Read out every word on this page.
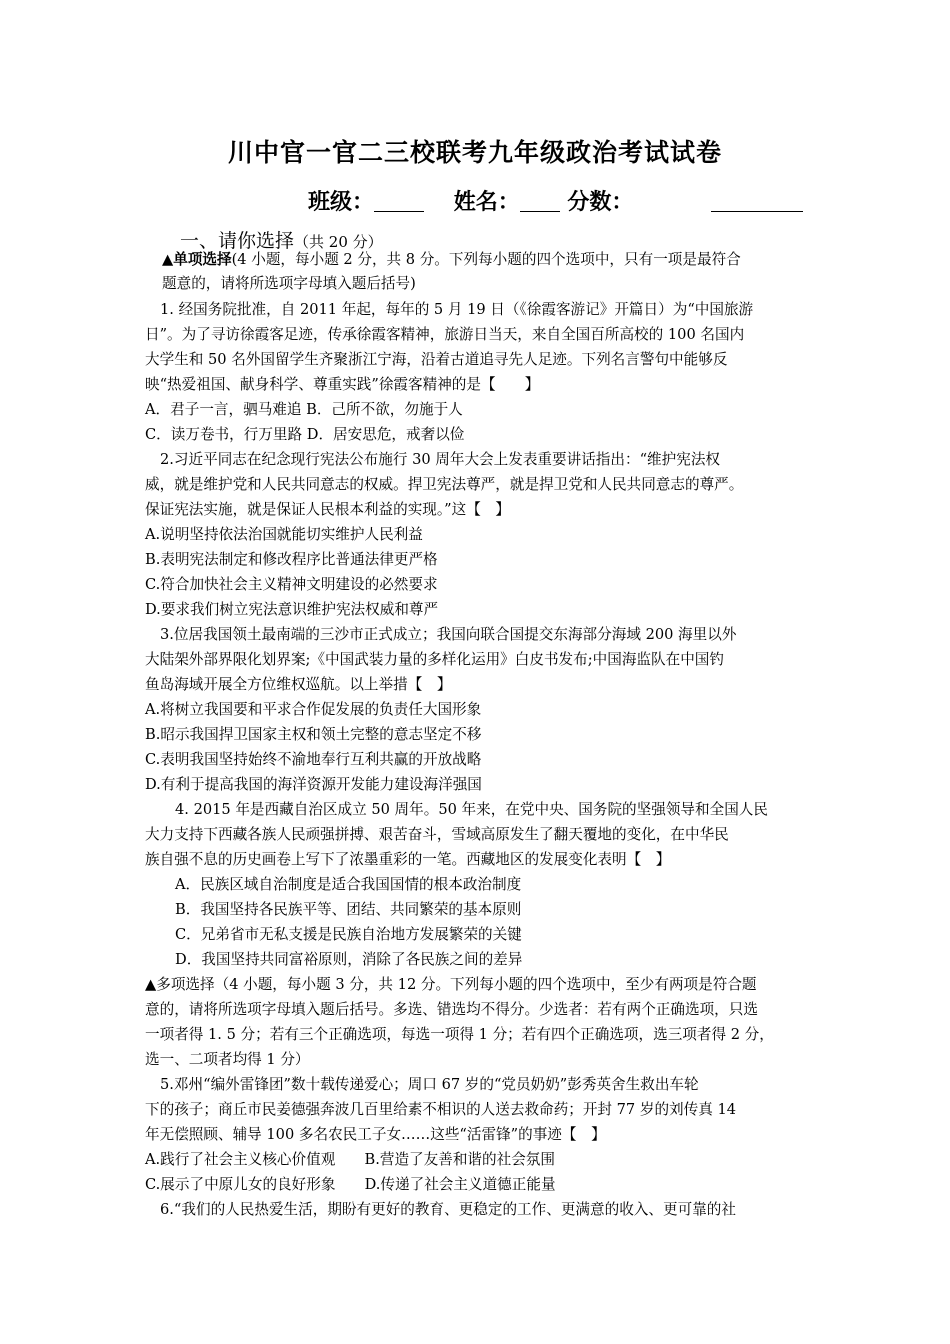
川中官一官二三校联考九年级政治考试试卷
班级：	姓名： 分数：
一、请你选择（共 20 分）
▲单项选择(4 小题，每小题 2 分，共 8 分。下列每小题的四个选项中，只有一项是最符合
题意的，请将所选项字母填入题后括号)
1. 经国务院批准，自 2011 年起，每年的 5 月 19 日（《徐霞客游记》开篇日）为“中国旅游
日”。为了寻访徐霞客足迹，传承徐霞客精神，旅游日当天，来自全国百所高校的 100 名国内
大学生和 50 名外国留学生齐聚浙江宁海，沿着古道追寻先人足迹。下列名言警句中能够反
映“热爱祖国、献身科学、尊重实践”徐霞客精神的是【　　】
A．君子一言，驷马难追 B．己所不欲，勿施于人
C．读万卷书，行万里路 D．居安思危，戒奢以俭
2.习近平同志在纪念现行宪法公布施行 30 周年大会上发表重要讲话指出：“维护宪法权
威，就是维护党和人民共同意志的权威。捍卫宪法尊严，就是捍卫党和人民共同意志的尊严。
保证宪法实施，就是保证人民根本利益的实现。”这【　】
A.说明坚持依法治国就能切实维护人民利益
B.表明宪法制定和修改程序比普通法律更严格
C.符合加快社会主义精神文明建设的必然要求
D.要求我们树立宪法意识维护宪法权威和尊严
3.位居我国领土最南端的三沙市正式成立；我国向联合国提交东海部分海域 200 海里以外
大陆架外部界限化划界案;《中国武装力量的多样化运用》白皮书发布;中国海监队在中国钓
鱼岛海域开展全方位维权巡航。以上举措【　】
A.将树立我国要和平求合作促发展的负责任大国形象
B.昭示我国捍卫国家主权和领土完整的意志坚定不移
C.表明我国坚持始终不渝地奉行互利共赢的开放战略
D.有利于提高我国的海洋资源开发能力建设海洋强国
4. 2015 年是西藏自治区成立 50 周年。50 年来，在党中央、国务院的坚强领导和全国人民
大力支持下西藏各族人民顽强拼搏、艰苦奋斗，雪域高原发生了翻天覆地的变化，在中华民
族自强不息的历史画卷上写下了浓墨重彩的一笔。西藏地区的发展变化表明【　】
A．民族区域自治制度是适合我国国情的根本政治制度
B．我国坚持各民族平等、团结、共同繁荣的基本原则
C．兄弟省市无私支援是民族自治地方发展繁荣的关键
D．我国坚持共同富裕原则，消除了各民族之间的差异
▲多项选择（4 小题，每小题 3 分，共 12 分。下列每小题的四个选项中，至少有两项是符合题
意的，请将所选项字母填入题后括号。多选、错选均不得分。少选者：若有两个正确选项，只选
一项者得 1. 5 分；若有三个正确选项，每选一项得 1 分；若有四个正确选项，选三项者得 2 分，
选一、二项者均得 1 分）
5.邓州“编外雷锋团”数十载传递爱心；周口 67 岁的“党员奶奶”彭秀英舍生救出车轮
下的孩子；商丘市民姜德强奔波几百里给素不相识的人送去救命药；开封 77 岁的刘传真 14
年无偿照顾、辅导 100 多名农民工子女……这些“活雷锋”的事迹【　】
A.践行了社会主义核心价值观　　B.营造了友善和谐的社会氛围
C.展示了中原儿女的良好形象　　D.传递了社会主义道德正能量
6.“我们的人民热爱生活，期盼有更好的教育、更稳定的工作、更满意的收入、更可靠的社
